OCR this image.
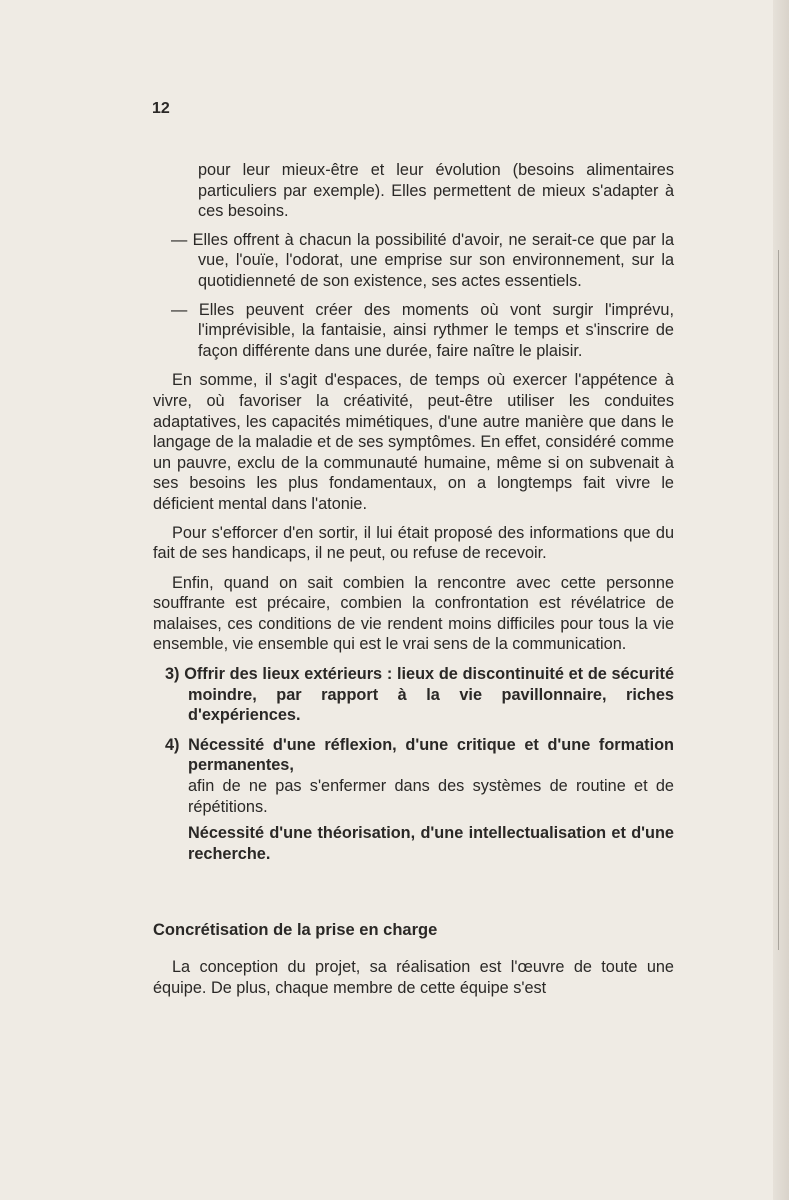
12

pour leur mieux-être et leur évolution (besoins alimentaires particuliers par exemple). Elles permettent de mieux s'adapter à ces besoins.

— Elles offrent à chacun la possibilité d'avoir, ne serait-ce que par la vue, l'ouïe, l'odorat, une emprise sur son environnement, sur la quotidienneté de son existence, ses actes essentiels.

— Elles peuvent créer des moments où vont surgir l'imprévu, l'imprévisible, la fantaisie, ainsi rythmer le temps et s'inscrire de façon différente dans une durée, faire naître le plaisir.

En somme, il s'agit d'espaces, de temps où exercer l'appétence à vivre, où favoriser la créativité, peut-être utiliser les conduites adaptatives, les capacités mimétiques, d'une autre manière que dans le langage de la maladie et de ses symptômes. En effet, considéré comme un pauvre, exclu de la communauté humaine, même si on subvenait à ses besoins les plus fondamentaux, on a longtemps fait vivre le déficient mental dans l'atonie.

Pour s'efforcer d'en sortir, il lui était proposé des informations que du fait de ses handicaps, il ne peut, ou refuse de recevoir.

Enfin, quand on sait combien la rencontre avec cette personne souffrante est précaire, combien la confrontation est révélatrice de malaises, ces conditions de vie rendent moins difficiles pour tous la vie ensemble, vie ensemble qui est le vrai sens de la communication.

3) Offrir des lieux extérieurs : lieux de discontinuité et de sécurité moindre, par rapport à la vie pavillonnaire, riches d'expériences.

4) Nécessité d'une réflexion, d'une critique et d'une formation permanentes,

afin de ne pas s'enfermer dans des systèmes de routine et de répétitions.

Nécessité d'une théorisation, d'une intellectualisation et d'une recherche.

Concrétisation de la prise en charge

La conception du projet, sa réalisation est l'œuvre de toute une équipe. De plus, chaque membre de cette équipe s'est
